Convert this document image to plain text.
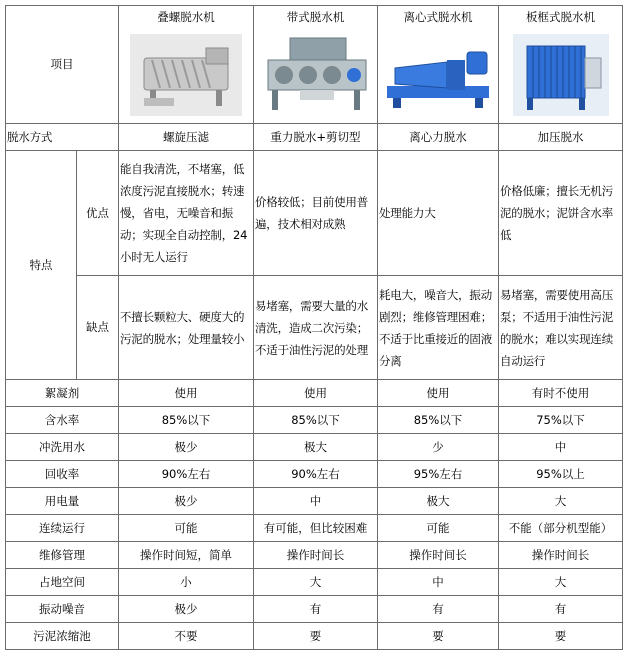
项目		叠螺脱水机	带式脱水机	离心式脱水机	板框式脱水机

脱水方式		螺旋压滤	重力脱水+剪切型	离心力脱水	加压脱水
特点	优点	能自我清洗，不堵塞，低浓度污泥直接脱水；转速慢，省电，无噪音和振动；实现全自动控制，24小时无人运行	价格较低；目前使用普遍，技术相对成熟	处理能力大	价格低廉；擅长无机污泥的脱水；泥饼含水率低
	缺点	不擅长颗粒大、硬度大的污泥的脱水；处理量较小	易堵塞，需要大量的水清洗，造成二次污染；不适于油性污泥的处理	耗电大，噪音大，振动剧烈；维修管理困难；不适于比重接近的固液分离	易堵塞，需要使用高压泵；不适用于油性污泥的脱水；难以实现连续自动运行
絮凝剂		使用	使用	使用	有时不使用
含水率		85%以下	85%以下	85%以下	75%以下
冲洗用水		极少	极大	少	中
回收率		90%左右	90%左右	95%左右	95%以上
用电量		极少	中	极大	大
连续运行		可能	有可能，但比较困难	可能	不能（部分机型能）
维修管理		操作时间短，简单	操作时间长	操作时间长	操作时间长
占地空间		小	大	中	大
振动噪音		极少	有	有	有
污泥浓缩池		不要	要	要	要
